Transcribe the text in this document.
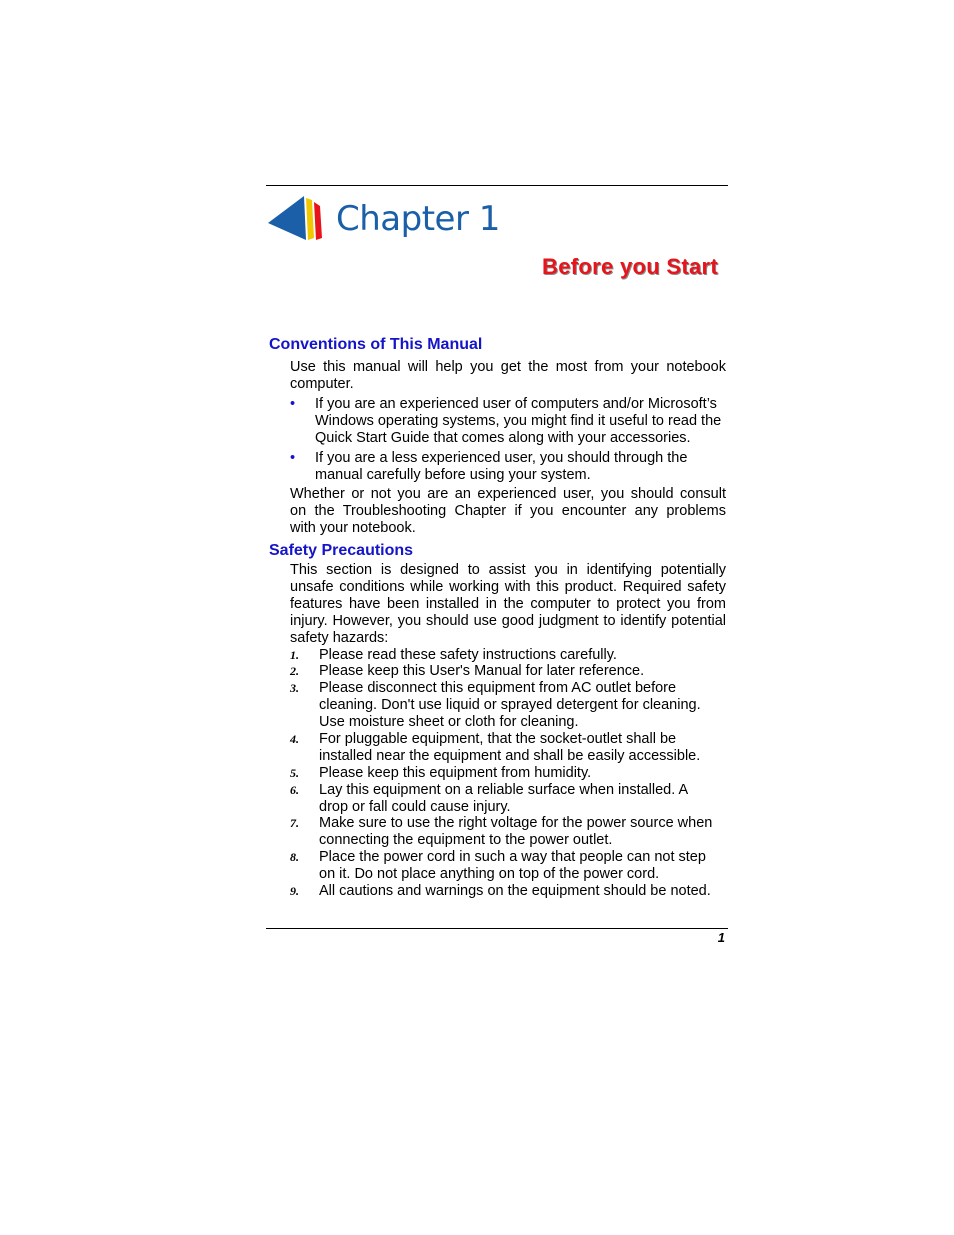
Chapter 1
Before you Start
Conventions of This Manual
Use this manual will help you get the most from your notebook
computer.
• If you are an experienced user of computers and/or Microsoft’s
Windows operating systems, you might find it useful to read the
Quick Start Guide that comes along with your accessories.
• If you are a less experienced user, you should through the
manual carefully before using your system.
Whether or not you are an experienced user, you should consult
on the Troubleshooting Chapter if you encounter any problems
with your notebook.
Safety Precautions
This section is designed to assist you in identifying potentially
unsafe conditions while working with this product. Required safety
features have been installed in the computer to protect you from
injury. However, you should use good judgment to identify potential
safety hazards:
1. Please read these safety instructions carefully.
2. Please keep this User's Manual for later reference.
3. Please disconnect this equipment from AC outlet before
cleaning. Don't use liquid or sprayed detergent for cleaning.
Use moisture sheet or cloth for cleaning.
4. For pluggable equipment, that the socket-outlet shall be
installed near the equipment and shall be easily accessible.
5. Please keep this equipment from humidity.
6. Lay this equipment on a reliable surface when installed. A
drop or fall could cause injury.
7. Make sure to use the right voltage for the power source when
connecting the equipment to the power outlet.
8. Place the power cord in such a way that people can not step
on it. Do not place anything on top of the power cord.
9. All cautions and warnings on the equipment should be noted.
1
